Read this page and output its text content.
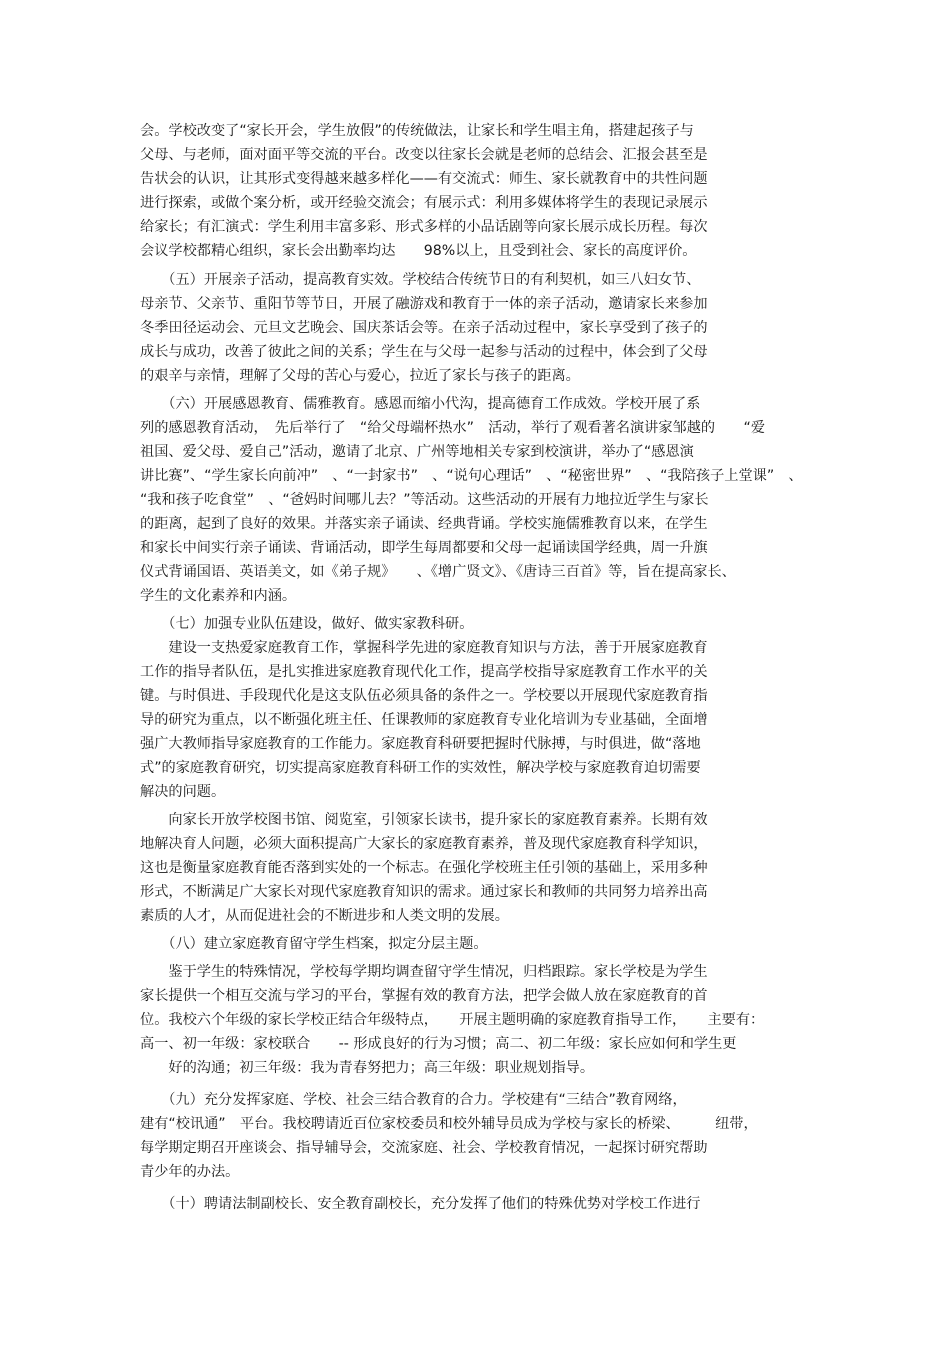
会。学校改变了“家长开会，学生放假”的传统做法，让家长和学生唱主角，搭建起孩子与
父母、与老师，面对面平等交流的平台。改变以往家长会就是老师的总结会、汇报会甚至是
告状会的认识，让其形式变得越来越多样化——有交流式：师生、家长就教育中的共性问题
进行探索，或做个案分析，或开经验交流会；有展示式：利用多媒体将学生的表现记录展示
给家长；有汇演式：学生利用丰富多彩、形式多样的小品话剧等向家长展示成长历程。每次
会议学校都精心组织，家长会出勤率均达　　98%以上，且受到社会、家长的高度评价。
　　（五）开展亲子活动，提高教育实效。学校结合传统节日的有利契机，如三八妇女节、
母亲节、父亲节、重阳节等节日，开展了融游戏和教育于一体的亲子活动，邀请家长来参加
冬季田径运动会、元旦文艺晚会、国庆茶话会等。在亲子活动过程中，家长享受到了孩子的
成长与成功，改善了彼此之间的关系；学生在与父母一起参与活动的过程中，体会到了父母
的艰辛与亲情，理解了父母的苦心与爱心，拉近了家长与孩子的距离。
　　（六）开展感恩教育、儒雅教育。感恩而缩小代沟，提高德育工作成效。学校开展了系
列的感恩教育活动，　先后举行了　“给父母端杯热水”　活动，举行了观看著名演讲家邹越的　　“爱
祖国、爱父母、爱自己”活动，邀请了北京、广州等地相关专家到校演讲，举办了“感恩演
讲比赛”、“学生家长向前冲”　、“一封家书”　、“说句心理话”　、“秘密世界”　、“我陪孩子上堂课”　、
“我和孩子吃食堂”　、“爸妈时间哪儿去？”等活动。这些活动的开展有力地拉近学生与家长
的距离，起到了良好的效果。并落实亲子诵读、经典背诵。学校实施儒雅教育以来，在学生
和家长中间实行亲子诵读、背诵活动，即学生每周都要和父母一起诵读国学经典，周一升旗
仪式背诵国语、英语美文，如《弟子规》　　、《增广贤文》、《唐诗三百首》等，旨在提高家长、
学生的文化素养和内涵。
　　（七）加强专业队伍建设，做好、做实家教科研。
　　建设一支热爱家庭教育工作，掌握科学先进的家庭教育知识与方法，善于开展家庭教育
工作的指导者队伍，是扎实推进家庭教育现代化工作，提高学校指导家庭教育工作水平的关
键。与时俱进、手段现代化是这支队伍必须具备的条件之一。学校要以开展现代家庭教育指
导的研究为重点，以不断强化班主任、任课教师的家庭教育专业化培训为专业基础，全面增
强广大教师指导家庭教育的工作能力。家庭教育科研要把握时代脉搏，与时俱进，做“落地
式”的家庭教育研究，切实提高家庭教育科研工作的实效性，解决学校与家庭教育迫切需要
解决的问题。
　　向家长开放学校图书馆、阅览室，引领家长读书，提升家长的家庭教育素养。长期有效
地解决育人问题，必须大面积提高广大家长的家庭教育素养，普及现代家庭教育科学知识，
这也是衡量家庭教育能否落到实处的一个标志。在强化学校班主任引领的基础上，采用多种
形式，不断满足广大家长对现代家庭教育知识的需求。通过家长和教师的共同努力培养出高
素质的人才，从而促进社会的不断进步和人类文明的发展。
　　（八）建立家庭教育留守学生档案，拟定分层主题。
　　鉴于学生的特殊情况，学校每学期均调查留守学生情况，归档跟踪。家长学校是为学生
家长提供一个相互交流与学习的平台，掌握有效的教育方法，把学会做人放在家庭教育的首
位。我校六个年级的家长学校正结合年级特点，　　开展主题明确的家庭教育指导工作，　　主要有：
高一、初一年级：家校联合　　-- 形成良好的行为习惯；高二、初二年级：家长应如何和学生更
　　好的沟通；初三年级：我为青春努把力；高三年级：职业规划指导。
　　（九）充分发挥家庭、学校、社会三结合教育的合力。学校建有“三结合”教育网络，
建有“校讯通”　平台。我校聘请近百位家校委员和校外辅导员成为学校与家长的桥梁、　　　纽带，
每学期定期召开座谈会、指导辅导会，交流家庭、社会、学校教育情况，一起探讨研究帮助
青少年的办法。
　　（十）聘请法制副校长、安全教育副校长，充分发挥了他们的特殊优势对学校工作进行
